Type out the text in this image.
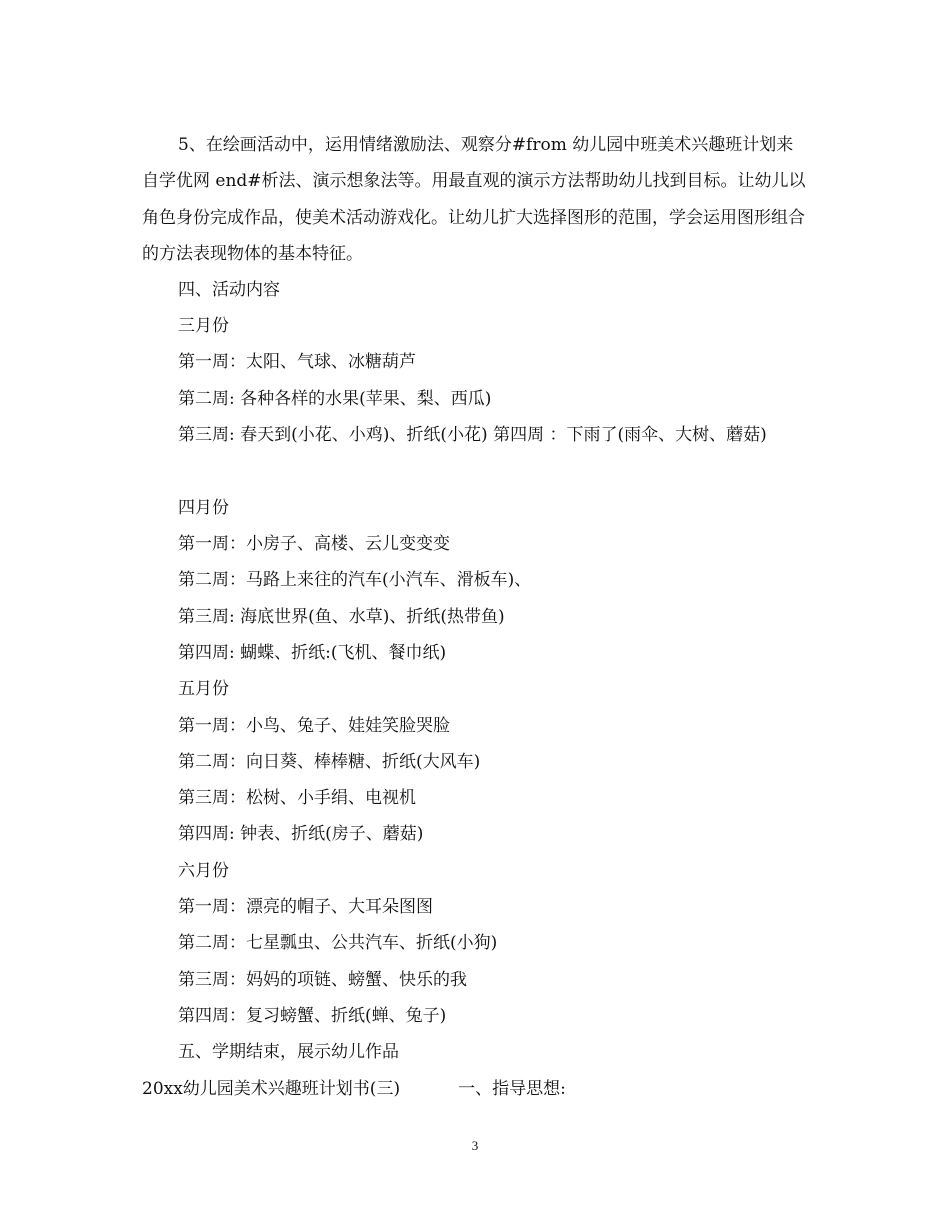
5、在绘画活动中，运用情绪激励法、观察分#from 幼儿园中班美术兴趣班计划来自学优网 end#析法、演示想象法等。用最直观的演示方法帮助幼儿找到目标。让幼儿以角色身份完成作品，使美术活动游戏化。让幼儿扩大选择图形的范围，学会运用图形组合的方法表现物体的基本特征。

四、活动内容

三月份

第一周：太阳、气球、冰糖葫芦

第二周: 各种各样的水果(苹果、梨、西瓜)

第三周: 春天到(小花、小鸡)、折纸(小花) 第四周 ：下雨了(雨伞、大树、蘑菇)

四月份

第一周：小房子、高楼、云儿变变变

第二周：马路上来往的汽车(小汽车、滑板车)、

第三周: 海底世界(鱼、水草)、折纸(热带鱼)

第四周: 蝴蝶、折纸:(飞机、餐巾纸)

五月份

第一周：小鸟、兔子、娃娃笑脸哭脸

第二周：向日葵、棒棒糖、折纸(大风车)

第三周：松树、小手绢、电视机

第四周: 钟表、折纸(房子、蘑菇)

六月份

第一周：漂亮的帽子、大耳朵图图

第二周：七星瓢虫、公共汽车、折纸(小狗)

第三周：妈妈的项链、螃蟹、快乐的我

第四周：复习螃蟹、折纸(蝉、兔子)

五、学期结束，展示幼儿作品

20xx幼儿园美术兴趣班计划书(三)	一、指导思想:

3
